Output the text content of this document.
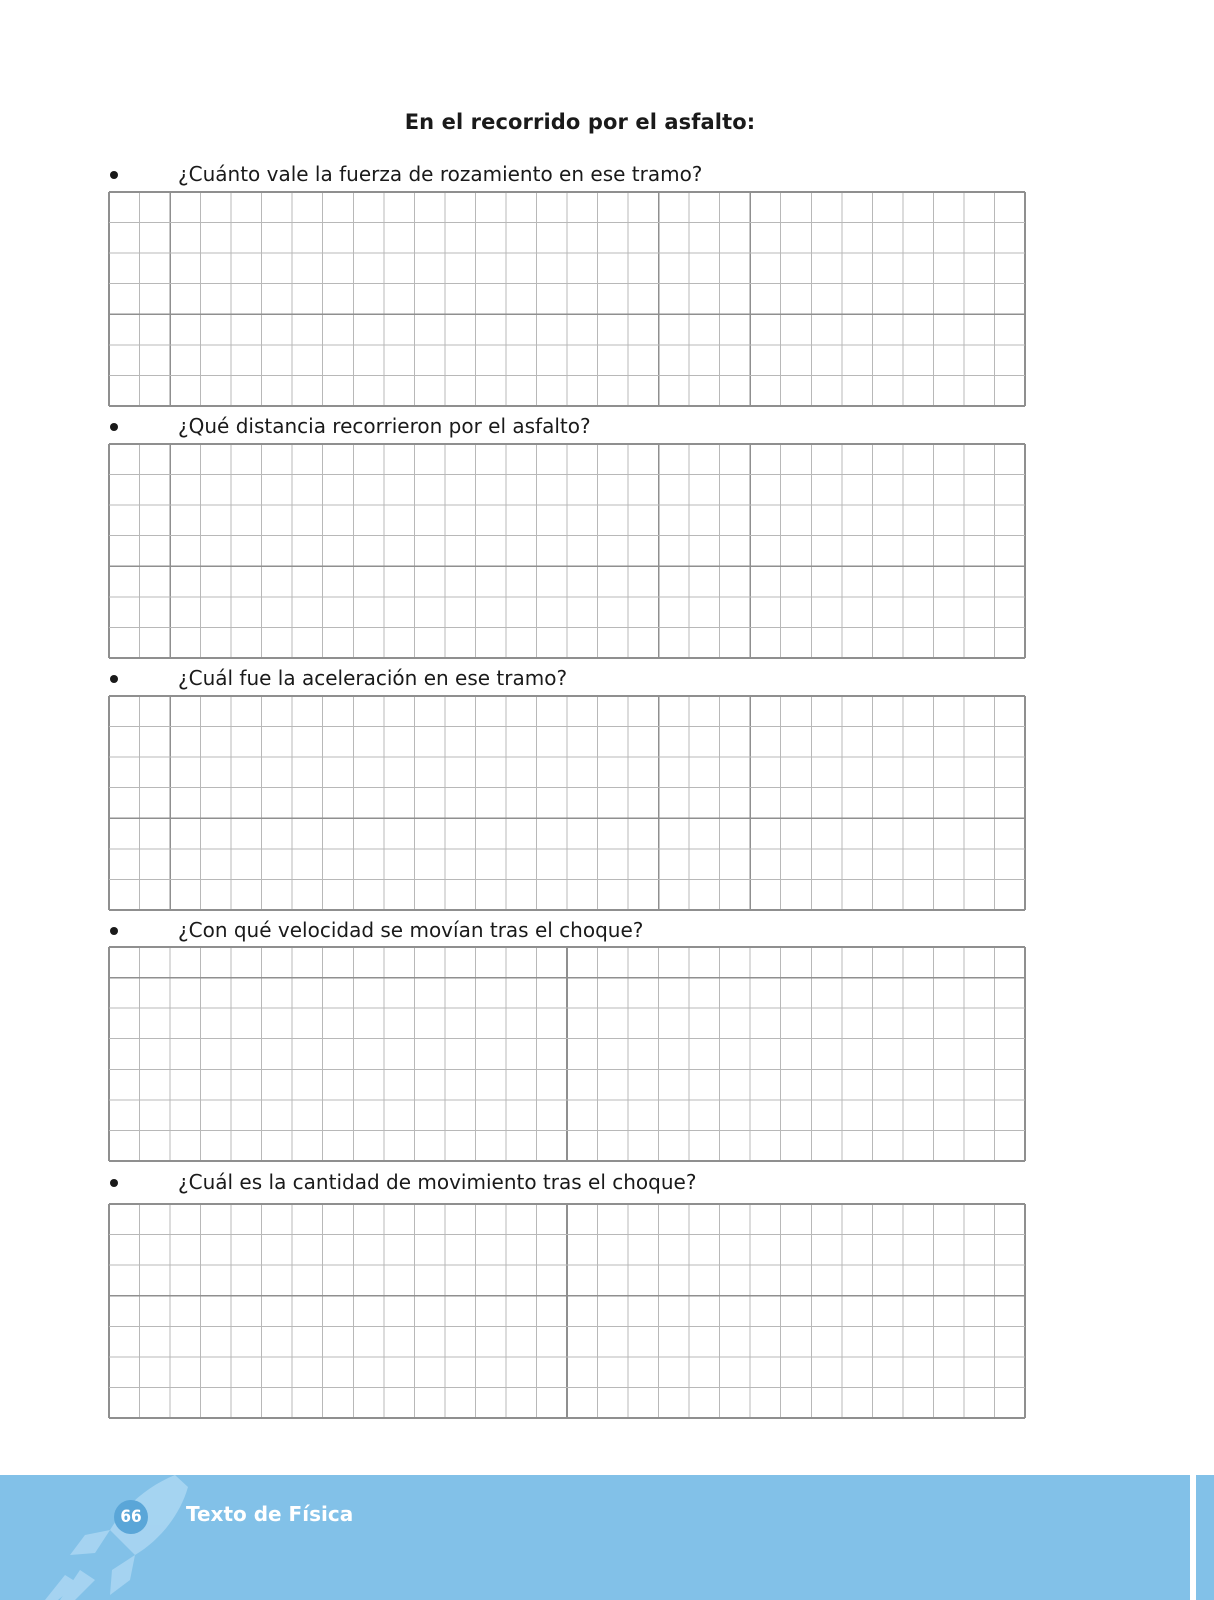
En el recorrido por el asfalto:
¿Cuánto vale la fuerza de rozamiento en ese tramo?
¿Qué distancia recorrieron por el asfalto?
¿Cuál fue la aceleración en ese tramo?
¿Con qué velocidad se movían tras el choque?
¿Cuál es la cantidad de movimiento tras el choque?
66	Texto de Física
